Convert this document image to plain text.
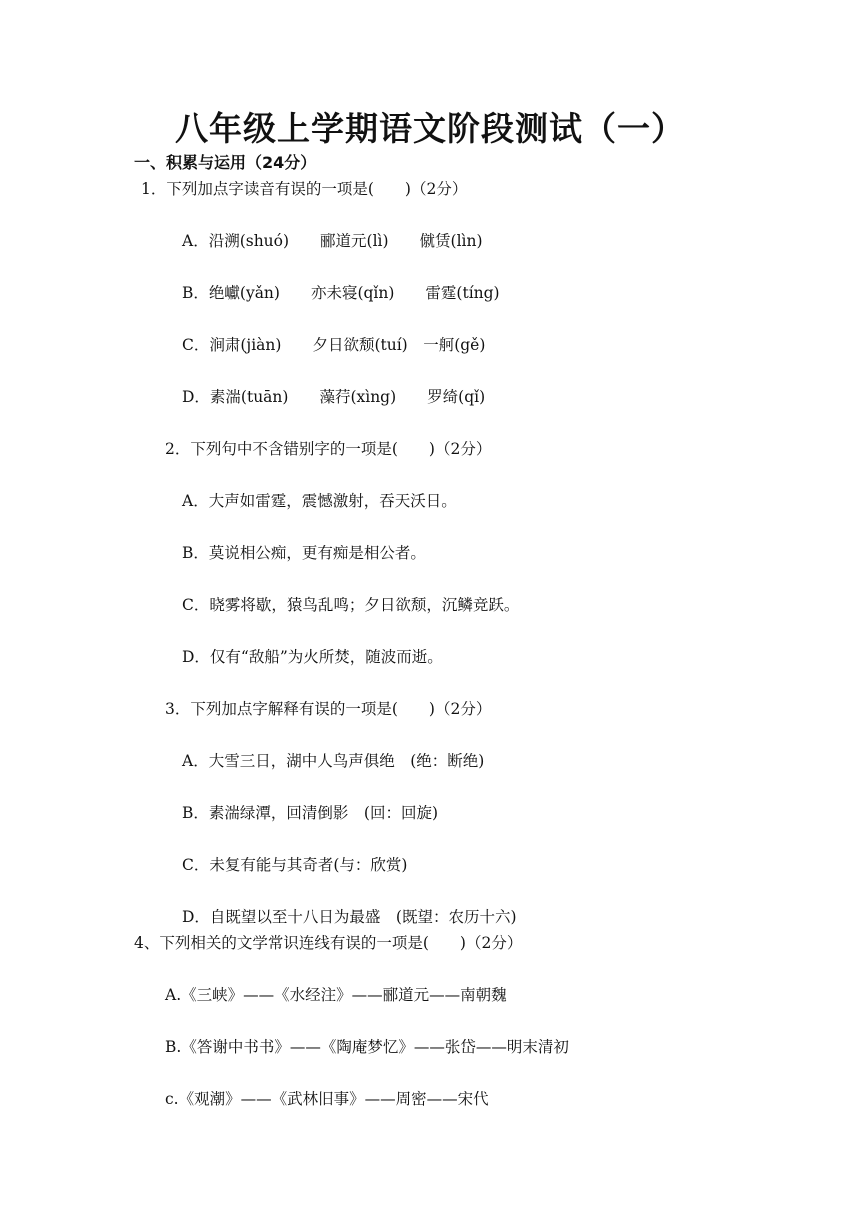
八年级上学期语文阶段测试（一）
一、积累与运用（24分）
1．下列加点字读音有误的一项是(　　)（2分）
A．沿溯(shuó)　　郦道元(lì)　　僦赁(lìn)
B．绝巘(yǎn)　　亦未寝(qǐn)　　雷霆(tíng)
C．涧肃(jiàn)　　夕日欲颓(tuí)　一舸(gě)
D．素湍(tuān)　　藻荇(xìng)　　罗绮(qǐ)
2．下列句中不含错别字的一项是(　　)（2分）
A．大声如雷霆，震憾激射，吞天沃日。
B．莫说相公痴，更有痴是相公者。
C．晓雾将歇，猿鸟乱鸣；夕日欲颓，沉鳞竞跃。
D．仅有“敌船”为火所焚，随波而逝。
3．下列加点字解释有误的一项是(　　)（2分）
A．大雪三日，湖中人鸟声俱绝　(绝：断绝)
B．素湍绿潭，回清倒影　(回：回旋)
C．未复有能与其奇者(与：欣赏)
D．自既望以至十八日为最盛　(既望：农历十六)
4、下列相关的文学常识连线有误的一项是(　　)（2分）
A.《三峡》——《水经注》——郦道元——南朝魏
B.《答谢中书书》——《陶庵梦忆》——张岱——明末清初
c.《观潮》——《武林旧事》——周密——宋代
